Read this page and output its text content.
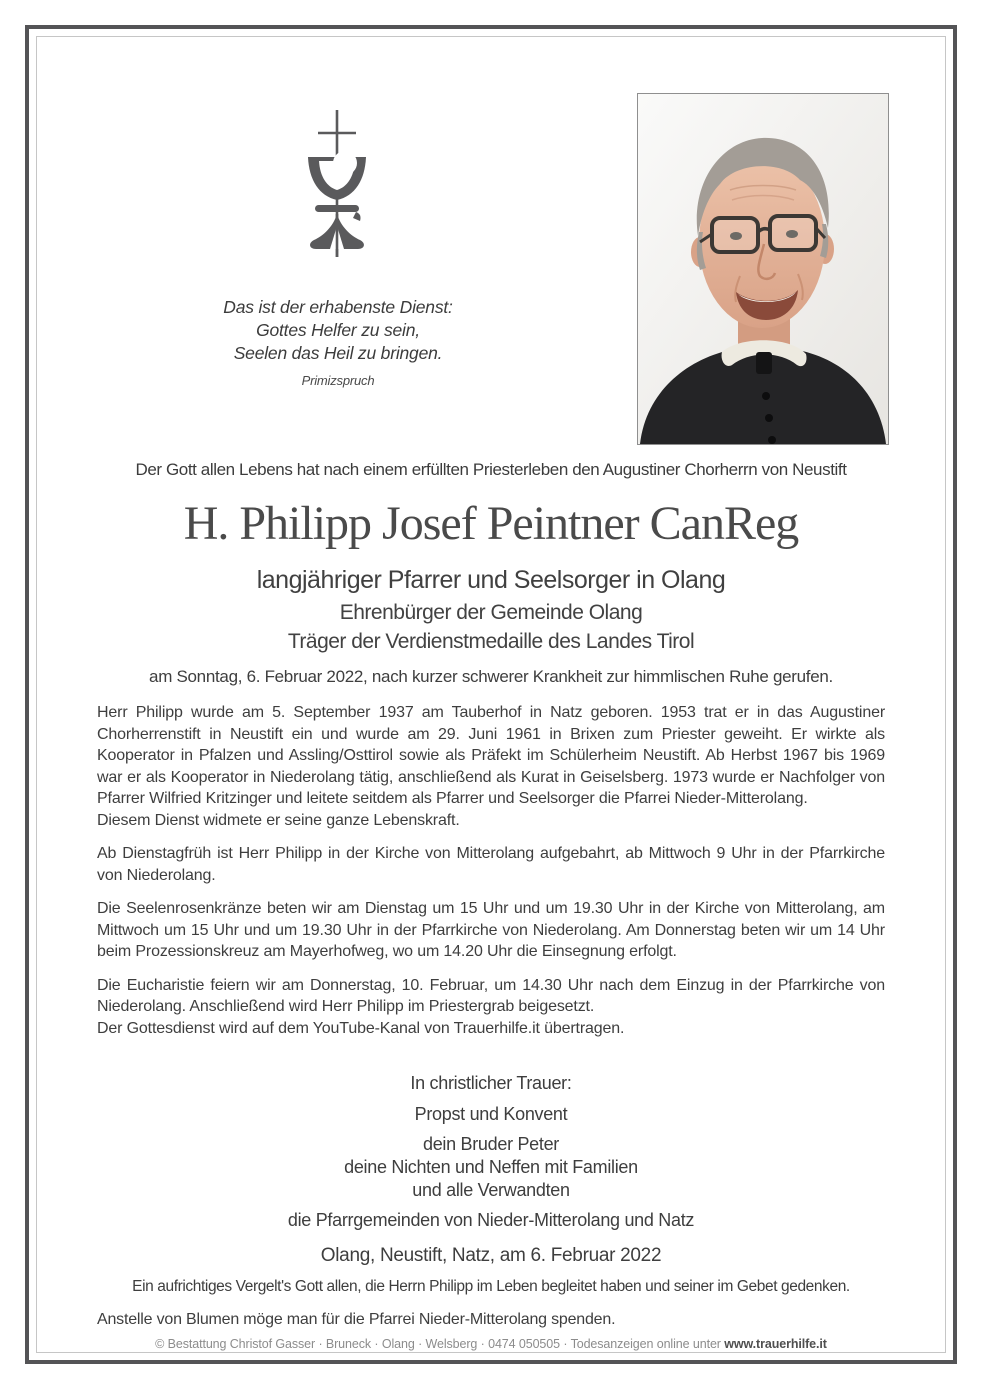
Das ist der erhabenste Dienst:
Gottes Helfer zu sein,
Seelen das Heil zu bringen.
Primizspruch
Der Gott allen Lebens hat nach einem erfüllten Priesterleben den Augustiner Chorherrn von Neustift
H. Philipp Josef Peintner CanReg
langjähriger Pfarrer und Seelsorger in Olang
Ehrenbürger der Gemeinde Olang
Träger der Verdienstmedaille des Landes Tirol
am Sonntag, 6. Februar 2022, nach kurzer schwerer Krankheit zur himmlischen Ruhe gerufen.
Herr Philipp wurde am 5. September 1937 am Tauberhof in Natz geboren. 1953 trat er in das Augustiner Chorherrenstift in Neustift ein und wurde am 29. Juni 1961 in Brixen zum Priester geweiht. Er wirkte als Kooperator in Pfalzen und Assling/Osttirol sowie als Präfekt im Schülerheim Neustift. Ab Herbst 1967 bis 1969 war er als Kooperator in Niederolang tätig, anschließend als Kurat in Geiselsberg. 1973 wurde er Nachfolger von Pfarrer Wilfried Kritzinger und leitete seitdem als Pfarrer und Seelsorger die Pfarrei Nieder-Mitterolang.
Diesem Dienst widmete er seine ganze Lebenskraft.
Ab Dienstagfrüh ist Herr Philipp in der Kirche von Mitterolang aufgebahrt, ab Mittwoch 9 Uhr in der Pfarrkirche von Niederolang.
Die Seelenrosenkränze beten wir am Dienstag um 15 Uhr und um 19.30 Uhr in der Kirche von Mitterolang, am Mittwoch um 15 Uhr und um 19.30 Uhr in der Pfarrkirche von Niederolang. Am Donnerstag beten wir um 14 Uhr beim Prozessionskreuz am Mayerhofweg, wo um 14.20 Uhr die Einsegnung erfolgt.
Die Eucharistie feiern wir am Donnerstag, 10. Februar, um 14.30 Uhr nach dem Einzug in der Pfarrkirche von Niederolang. Anschließend wird Herr Philipp im Priestergrab beigesetzt.
Der Gottesdienst wird auf dem YouTube-Kanal von Trauerhilfe.it übertragen.
In christlicher Trauer:
Propst und Konvent
dein Bruder Peter
deine Nichten und Neffen mit Familien
und alle Verwandten
die Pfarrgemeinden von Nieder-Mitterolang und Natz
Olang, Neustift, Natz, am 6. Februar 2022
Ein aufrichtiges Vergelt's Gott allen, die Herrn Philipp im Leben begleitet haben und seiner im Gebet gedenken.
Anstelle von Blumen möge man für die Pfarrei Nieder-Mitterolang spenden.
© Bestattung Christof Gasser · Bruneck · Olang · Welsberg · 0474 050505 · Todesanzeigen online unter www.trauerhilfe.it
